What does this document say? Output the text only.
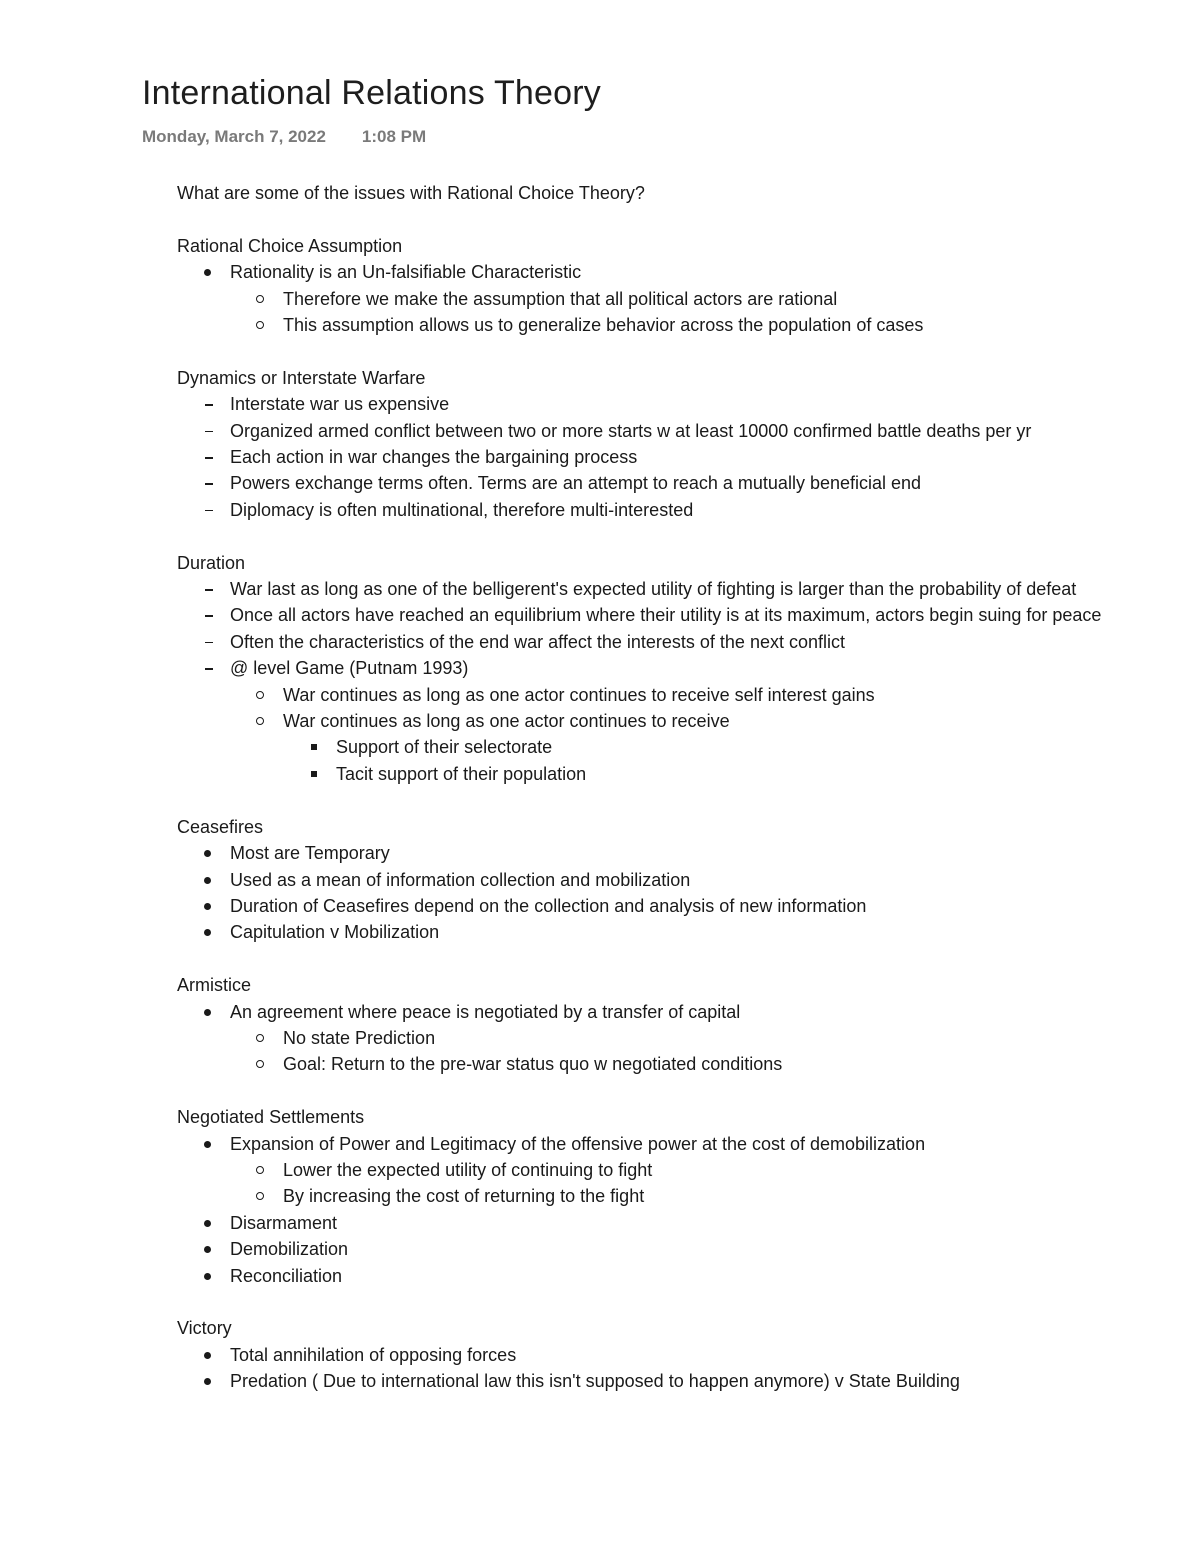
International Relations Theory
Monday, March 7, 2022 1:08 PM

What are some of the issues with Rational Choice Theory?

Rational Choice Assumption

Rationality is an Un-falsifiable Characteristic
Therefore we make the assumption that all political actors are rational
This assumption allows us to generalize behavior across the population of cases

Dynamics or Interstate Warfare

Interstate war us expensive
Organized armed conflict between two or more starts w at least 10000 confirmed battle deaths per yr
Each action in war changes the bargaining process
Powers exchange terms often. Terms are an attempt to reach a mutually beneficial end
Diplomacy is often multinational, therefore multi-interested

Duration

War last as long as one of the belligerent's expected utility of fighting is larger than the probability of defeat
Once all actors have reached an equilibrium where their utility is at its maximum, actors begin suing for peace
Often the characteristics of the end war affect the interests of the next conflict
@ level Game (Putnam 1993)
War continues as long as one actor continues to receive self interest gains
War continues as long as one actor continues to receive
Support of their selectorate
Tacit support of their population

Ceasefires

Most are Temporary
Used as a mean of information collection and mobilization
Duration of Ceasefires depend on the collection and analysis of new information
Capitulation v Mobilization

Armistice

An agreement where peace is negotiated by a transfer of capital
No state Prediction
Goal: Return to the pre-war status quo w negotiated conditions

Negotiated Settlements

Expansion of Power and Legitimacy of the offensive power at the cost of demobilization
Lower the expected utility of continuing to fight
By increasing the cost of returning to the fight
Disarmament
Demobilization
Reconciliation

Victory

Total annihilation of opposing forces
Predation ( Due to international law this isn't supposed to happen anymore) v State Building
